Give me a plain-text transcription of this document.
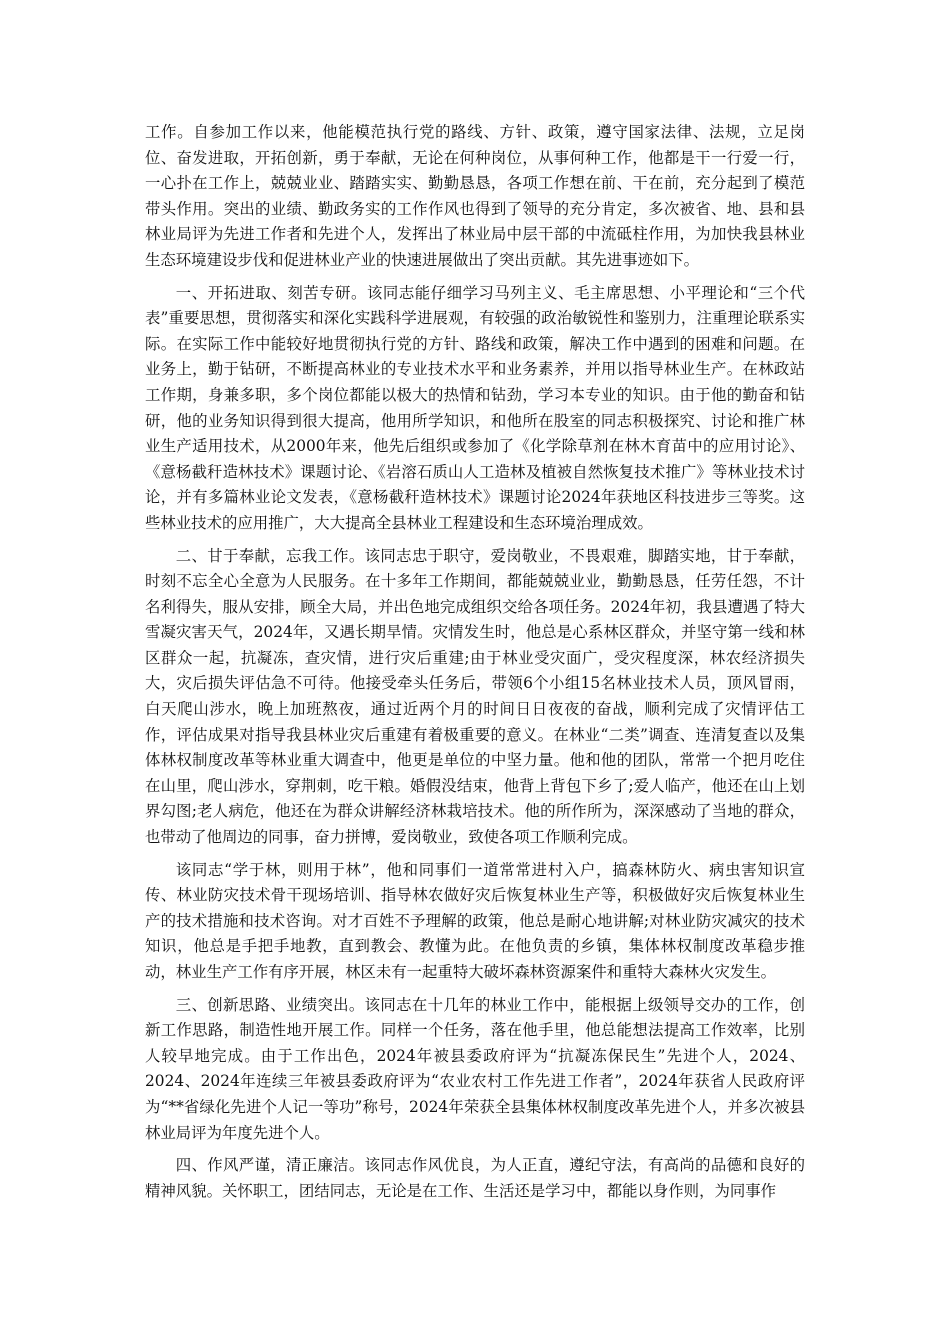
工作。自参加工作以来，他能模范执行党的路线、方针、政策，遵守国家法律、法规，立足岗位、奋发进取，开拓创新，勇于奉献，无论在何种岗位，从事何种工作，他都是干一行爱一行，一心扑在工作上，兢兢业业、踏踏实实、勤勤恳恳，各项工作想在前、干在前，充分起到了模范带头作用。突出的业绩、勤政务实的工作作风也得到了领导的充分肯定，多次被省、地、县和县林业局评为先进工作者和先进个人，发挥出了林业局中层干部的中流砥柱作用，为加快我县林业生态环境建设步伐和促进林业产业的快速进展做出了突出贡献。其先进事迹如下。

一、开拓进取、刻苦专研。该同志能仔细学习马列主义、毛主席思想、小平理论和“三个代表”重要思想，贯彻落实和深化实践科学进展观，有较强的政治敏锐性和鉴别力，注重理论联系实际。在实际工作中能较好地贯彻执行党的方针、路线和政策，解决工作中遇到的困难和问题。在业务上，勤于钻研，不断提高林业的专业技术水平和业务素养，并用以指导林业生产。在林政站工作期，身兼多职，多个岗位都能以极大的热情和钻劲，学习本专业的知识。由于他的勤奋和钻研，他的业务知识得到很大提高，他用所学知识，和他所在股室的同志积极探究、讨论和推广林业生产适用技术，从2000年来，他先后组织或参加了《化学除草剂在林木育苗中的应用讨论》、《意杨截秆造林技术》课题讨论、《岩溶石质山人工造林及植被自然恢复技术推广》等林业技术讨论，并有多篇林业论文发表，《意杨截秆造林技术》课题讨论2024年获地区科技进步三等奖。这些林业技术的应用推广，大大提高全县林业工程建设和生态环境治理成效。

二、甘于奉献，忘我工作。该同志忠于职守，爱岗敬业，不畏艰难，脚踏实地，甘于奉献，时刻不忘全心全意为人民服务。在十多年工作期间，都能兢兢业业，勤勤恳恳，任劳任怨，不计名利得失，服从安排，顾全大局，并出色地完成组织交给各项任务。2024年初，我县遭遇了特大雪凝灾害天气，2024年，又遇长期旱情。灾情发生时，他总是心系林区群众，并坚守第一线和林区群众一起，抗凝冻，查灾情，进行灾后重建;由于林业受灾面广，受灾程度深，林农经济损失大，灾后损失评估急不可待。他接受牵头任务后，带领6个小组15名林业技术人员，顶风冒雨，白天爬山涉水，晚上加班熬夜，通过近两个月的时间日日夜夜的奋战，顺利完成了灾情评估工作，评估成果对指导我县林业灾后重建有着极重要的意义。在林业“二类”调查、连清复查以及集体林权制度改革等林业重大调查中，他更是单位的中坚力量。他和他的团队，常常一个把月吃住在山里，爬山涉水，穿荆刺，吃干粮。婚假没结束，他背上背包下乡了;爱人临产，他还在山上划界勾图;老人病危，他还在为群众讲解经济林栽培技术。他的所作所为，深深感动了当地的群众，也带动了他周边的同事，奋力拼博，爱岗敬业，致使各项工作顺利完成。

该同志“学于林，则用于林”，他和同事们一道常常进村入户，搞森林防火、病虫害知识宣传、林业防灾技术骨干现场培训、指导林农做好灾后恢复林业生产等，积极做好灾后恢复林业生产的技术措施和技术咨询。对才百姓不予理解的政策，他总是耐心地讲解;对林业防灾减灾的技术知识，他总是手把手地教，直到教会、教懂为此。在他负责的乡镇，集体林权制度改革稳步推动，林业生产工作有序开展，林区未有一起重特大破坏森林资源案件和重特大森林火灾发生。

三、创新思路、业绩突出。该同志在十几年的林业工作中，能根据上级领导交办的工作，创新工作思路，制造性地开展工作。同样一个任务，落在他手里，他总能想法提高工作效率，比别人较早地完成。由于工作出色，2024年被县委政府评为“抗凝冻保民生”先进个人，2024、2024、2024年连续三年被县委政府评为“农业农村工作先进工作者”，2024年获省人民政府评为“**省绿化先进个人记一等功”称号，2024年荣获全县集体林权制度改革先进个人，并多次被县林业局评为年度先进个人。

四、作风严谨，清正廉洁。该同志作风优良，为人正直，遵纪守法，有高尚的品德和良好的精神风貌。关怀职工，团结同志，无论是在工作、生活还是学习中，都能以身作则，为同事作
